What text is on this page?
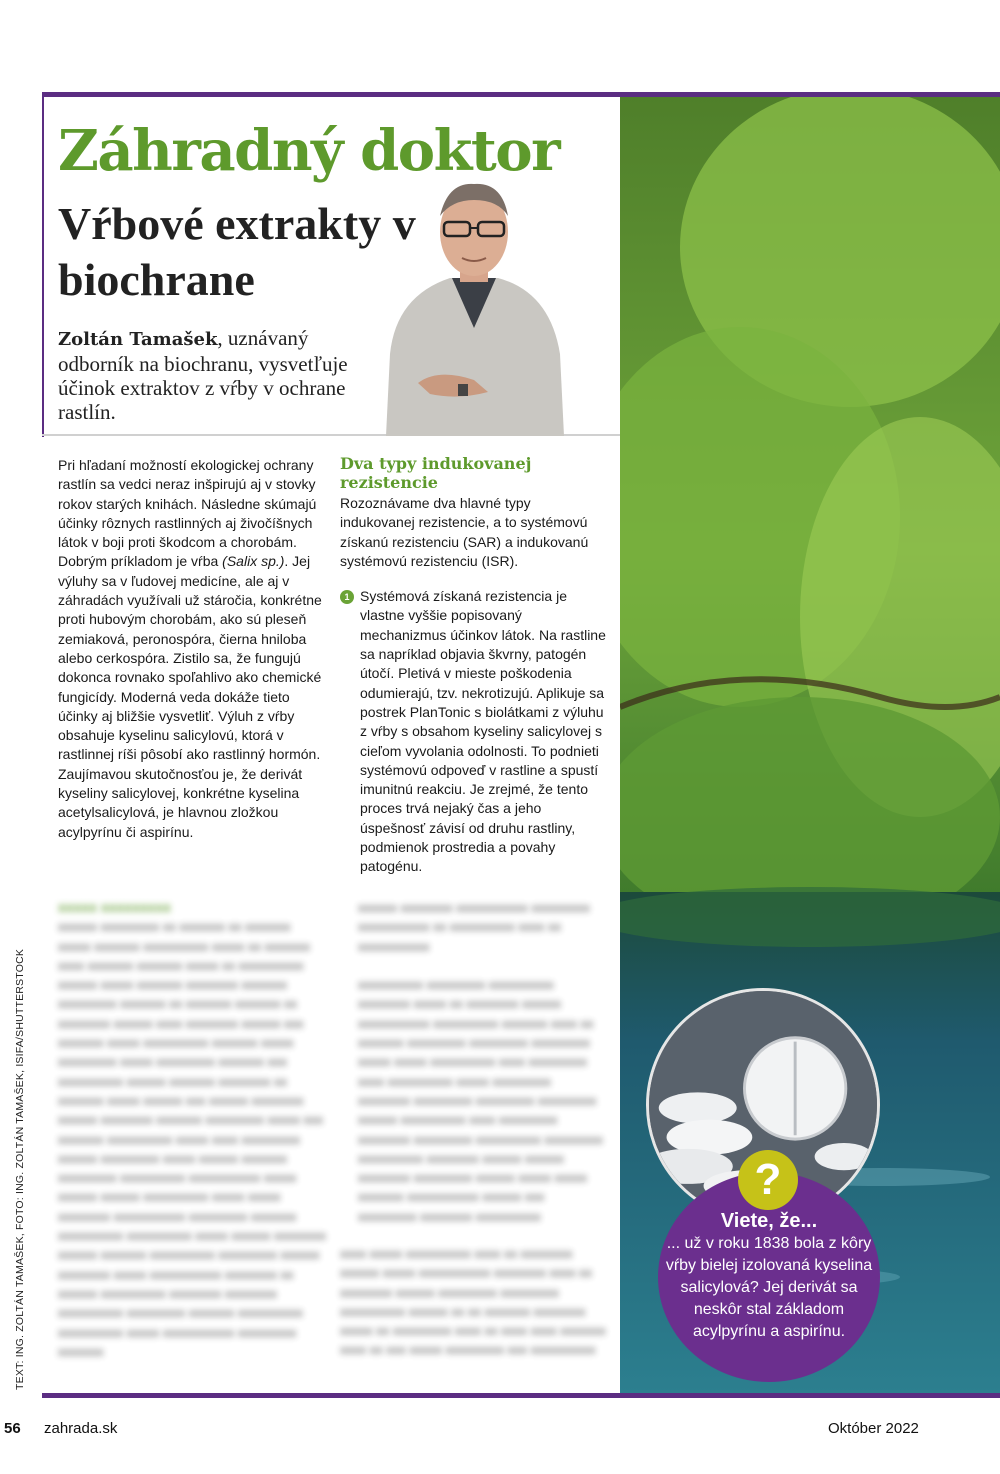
TEXT: ING. ZOLTÁN TAMAŠEK, FOTO: ING. ZOLTÁN TAMAŠEK, ISIFA/SHUTTERSTOCK
Záhradný doktor
Vŕbové extrakty v biochrane
Zoltán Tamašek, uznávaný odborník na biochranu, vysvetľuje účinok extraktov z vŕby v ochrane rastlín.

Pri hľadaní možností ekologickej ochrany rastlín sa vedci neraz inšpirujú aj v stovky rokov starých knihách. Následne skúmajú účinky rôznych rastlinných aj živočíšnych látok v boji proti škodcom a chorobám. Dobrým príkladom je vŕba (Salix sp.). Jej výluhy sa v ľudovej medicíne, ale aj v záhradách využívali už stáročia, konkrétne proti hubovým chorobám, ako sú pleseň zemiaková, peronospóra, čierna hniloba alebo cerkospóra. Zistilo sa, že fungujú dokonca rovnako spoľahlivo ako chemické fungicídy. Moderná veda dokáže tieto účinky aj bližšie vysvetliť. Výluh z vŕby obsahuje kyselinu salicylovú, ktorá v rastlinnej ríši pôsobí ako rastlinný hormón. Zaujímavou skutočnosťou je, že derivát kyseliny salicylovej, konkrétne kyselina acetylsalicylová, je hlavnou zložkou acylpyrínu či aspirínu.

Dva typy indukovanej rezistencie

Rozoznávame dva hlavné typy indukovanej rezistencie, a to systémovú získanú rezistenciu (SAR) a indukovanú systémovú rezistenciu (ISR).

1 Systémová získaná rezistencia je vlastne vyššie popisovaný mechanizmus účinkov látok. Na rastline sa napríklad objavia škvrny, patogén útočí. Pletivá v mieste poškodenia odumierajú, tzv. nekrotizujú. Aplikuje sa postrek PlanTonic s biolátkami z výluhu z vŕby s obsahom kyseliny salicylovej s cieľom vyvolania odolnosti. To podnieti systémovú odpoveď v rastline a spustí imunitnú reakciu. Je zrejmé, že tento proces trvá nejaký čas a jeho úspešnosť závisí od druhu rastliny, podmienok prostredia a povahy patogénu.
xxxxx xxxxxxxxx
xxxxxx xxxxxxxxx xx xxxxxxx xx xxxxxxx xxxxx xxxxxxx xxxxxxxxxx xxxxx xx xxxxxxx xxxx xxxxxxx xxxxxxx xxxxx xx xxxxxxxxxx xxxxxx xxxxx xxxxxxx xxxxxxxx xxxxxxx xxxxxxxxx xxxxxxx xx xxxxxxx xxxxxxx xx xxxxxxxx xxxxxx xxxx xxxxxxxx xxxxxx xxx xxxxxxx xxxxx xxxxxxxxxx xxxxxxx xxxxx xxxxxxxxx xxxxx xxxxxxxxx xxxxxxx xxx xxxxxxxxxx xxxxxx xxxxxxx xxxxxxxx xx xxxxxxx xxxxx xxxxxx xxx xxxxxx xxxxxxxx xxxxxx xxxxxxxx xxxxxxx xxxxxxxxx xxxxx xxx xxxxxxx xxxxxxxxxx xxxxx xxxx xxxxxxxxx xxxxxx xxxxxxxxx xxxxx xxxxxx xxxxxxx xxxxxxxxx xxxxxxxxxx xxxxxxxxxxx xxxxx xxxxxx xxxxxx xxxxxxxxxx xxxxx xxxxx xxxxxxxx xxxxxxxxxxx xxxxxxxxx xxxxxxx xxxxxxxxxx xxxxxxxxxx xxxxx xxxxxx xxxxxxxx xxxxxx xxxxxxx xxxxxxxxxx xxxxxxxxx xxxxxx xxxxxxxx xxxxx xxxxxxxxxxx xxxxxxxx xx xxxxxx xxxxxxxxxx xxxxxxxx xxxxxxxx xxxxxxxxxx xxxxxxxxx xxxxxxx xxxxxxxxxx xxxxxxxxxx xxxxx xxxxxxxxxxx xxxxxxxxx xxxxxxx
xxxxxx xxxxxxxx xxxxxxxxxxx xxxxxxxxx xxxxxxxxxxx xx xxxxxxxxxx xxxx xx xxxxxxxxxxx

xxxxxxxxxx xxxxxxxxx xxxxxxxxxx xxxxxxxx xxxxx xx xxxxxxxx xxxxxx xxxxxxxxxxx xxxxxxxxxx xxxxxxx xxxx xx xxxxxxx xxxxxxxxx xxxxxxxxx xxxxxxxxx xxxxx xxxxx xxxxxxxxxx xxxx xxxxxxxxx xxxx xxxxxxxxxx xxxxx xxxxxxxxx xxxxxxxx xxxxxxxxx xxxxxxxxx xxxxxxxxx xxxxxx xxxxxxxxxx xxxx xxxxxxxxx xxxxxxxx xxxxxxxxx xxxxxxxxxx xxxxxxxxx xxxxxxxxxx xxxxxxxx xxxxxx xxxxxx xxxxxxxx xxxxxxxxx xxxxxx xxxxx xxxxx xxxxxxx xxxxxxxxxxx xxxxxx xxx xxxxxxxxx xxxxxxxx xxxxxxxxxx
xxxx xxxxx xxxxxxxxxx xxxx xx xxxxxxxx xxxxxx xxxxx xxxxxxxxxxx xxxxxxxx xxxx xx xxxxxxxx xxxxxx xxxxxxxxx xxxxxxxxx xxxxxxxxxx xxxxxx xx xx xxxxxxx xxxxxxxx xxxxx xx xxxxxxxxx xxxx xx xxxx xxxx xxxxxxx xxxx xx xxx xxxxx xxxxxxxxx xxx xxxxxxxxxx
?
Viete, že...
... už v roku 1838 bola z kôry vŕby bielej izolovaná kyselina salicylová? Jej derivát sa neskôr stal základom acylpyrínu a aspirínu.
56 zahrada.sk	Október 2022
